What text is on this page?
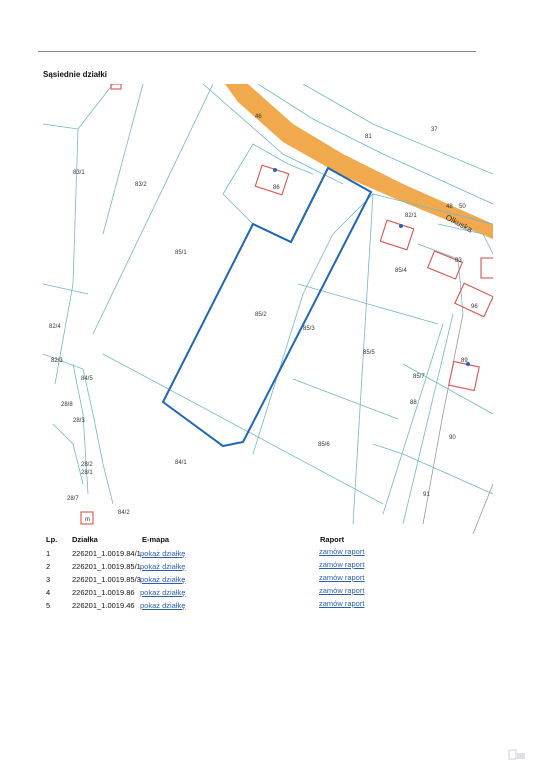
Sąsiednie działki
83/1
83/2
85/1
85/2
85/3
85/4
85/5
85/6
85/7
84/1
84/2
82/4
82/3
84/5
28/8
28/3
28/2
28/1
28/7
46
81
37
86
82/1
83
88
89
90
91
96
48 50
m
Olkuska
Lp. Działka	E-mapa	Raport
1	226201_1.0019.84/1 pokaż działkę	zamów raport
2	226201_1.0019.85/1 pokaż działkę	zamów raport
3	226201_1.0019.85/3 pokaż działkę	zamów raport
4	226201_1.0019.86 pokaż działkę	zamów raport
5	226201_1.0019.46 pokaż działkę	zamów raport
